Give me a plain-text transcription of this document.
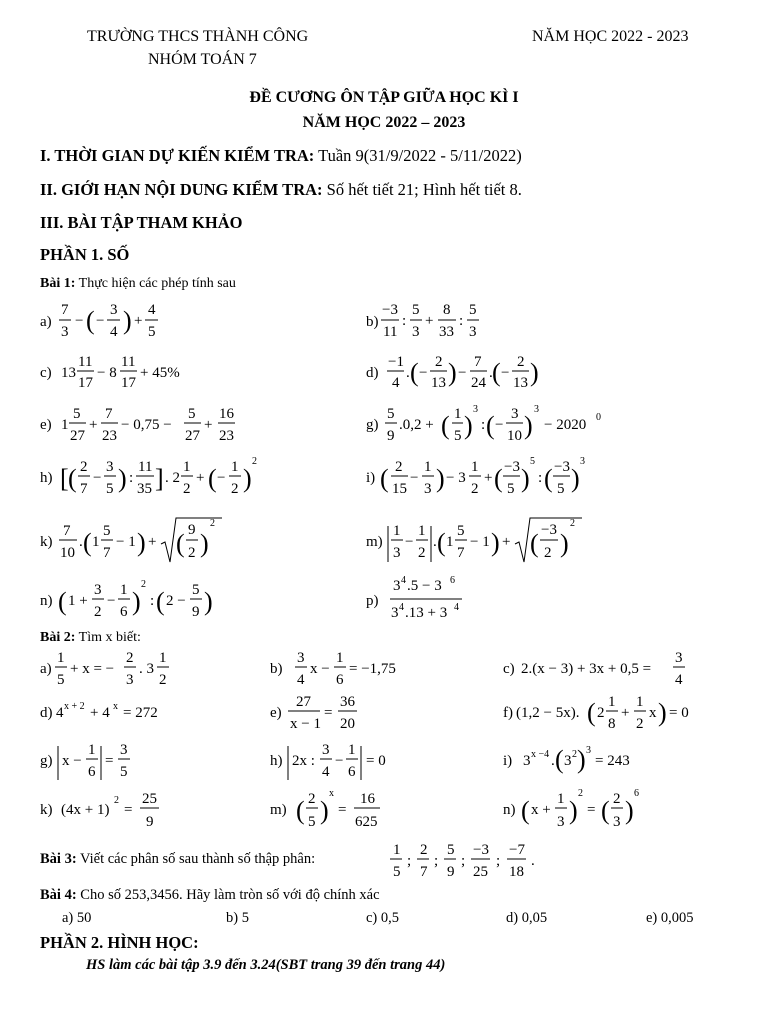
TRƯỜNG THCS THÀNH CÔNG
NHÓM TOÁN 7
NĂM HỌC 2022 - 2023
ĐỀ CƯƠNG ÔN TẬP GIỮA HỌC KÌ I
NĂM HỌC 2022 – 2023
I. THỜI GIAN DỰ KIẾN KIỂM TRA: Tuần 9(31/9/2022 - 5/11/2022)
II. GIỚI HẠN NỘI DUNG KIỂM TRA: Số hết tiết 21; Hình hết tiết 8.
III. BÀI TẬP THAM KHẢO
PHẦN 1. SỐ
Bài 1: Thực hiện các phép tính sau
a)
7
3
− ( −
3
4 ) +
4
5
b)
−3
11
:
5
3
+
8
33
:
5
3
c) 13
11
17
− 8
11
17
+ 45%	d)
−1
4
. ( −
2
13 ) −
7
24
. ( −
2
13 )
e) 1
5
27
+
7
23
− 0,75 −
5
27
+
16
23
g)
5
9
.0,2 + ( 1
5 )
3
: ( −
3
10 )
3
− 2020 0
h) [ ( 2
7
−
3
5 ) :
11
35 ] . 2
1
2
+ ( −
1
2 )
2
i) ( 2
15
−
1
3 ) − 3
1
2
+ ( −3
5 )
5
: ( −3
5 )
3
k)
7
10
. ( 1
5
7
− 1 ) + ( 9
2 )
2
m)
1
3
−
1
2
. ( 1
5
7
− 1 ) + ( −3
2 )
2
n) ( 1 +
3
2
−
1
6 )
2
: ( 2 −
5
9 )	p)
3 4 .5 − 3 6
3 4 .13 + 3 4
Bài 2: Tìm x biết:
a)
1
5
+ x = −
2
3
. 3
1
2
b)
3
4
x −
1
6
= −1,75	c) 2.(x − 3) + 3x + 0,5 =
3
4
d) 4 x + 2 + 4 x = 272	e)
27
x − 1
=
36
20
f) (1,2 − 5x). ( 2
1
8
+
1
2
x ) = 0
g) x −
1
6
=
3
5
h) 2x :
3
4
−
1
6
= 0	i) 3 x −4 . ( 3 2 ) 3
= 243
k) (4x + 1)
2
=
25
9
m) ( 2
5 )
x
=
16
625
n) ( x +
1
3 )
2
= ( 2
3 )
6
Bài 3: Viết các phân số sau thành số thập phân:
1
5
;
2
7
;
5
9
;
−3
25
;
−7
18
.
Bài 4: Cho số 253,3456. Hãy làm tròn số với độ chính xác
a) 50	b) 5	c) 0,5	d) 0,05	e) 0,005
PHẦN 2. HÌNH HỌC:
HS làm các bài tập 3.9 đến 3.24(SBT trang 39 đến trang 44)
